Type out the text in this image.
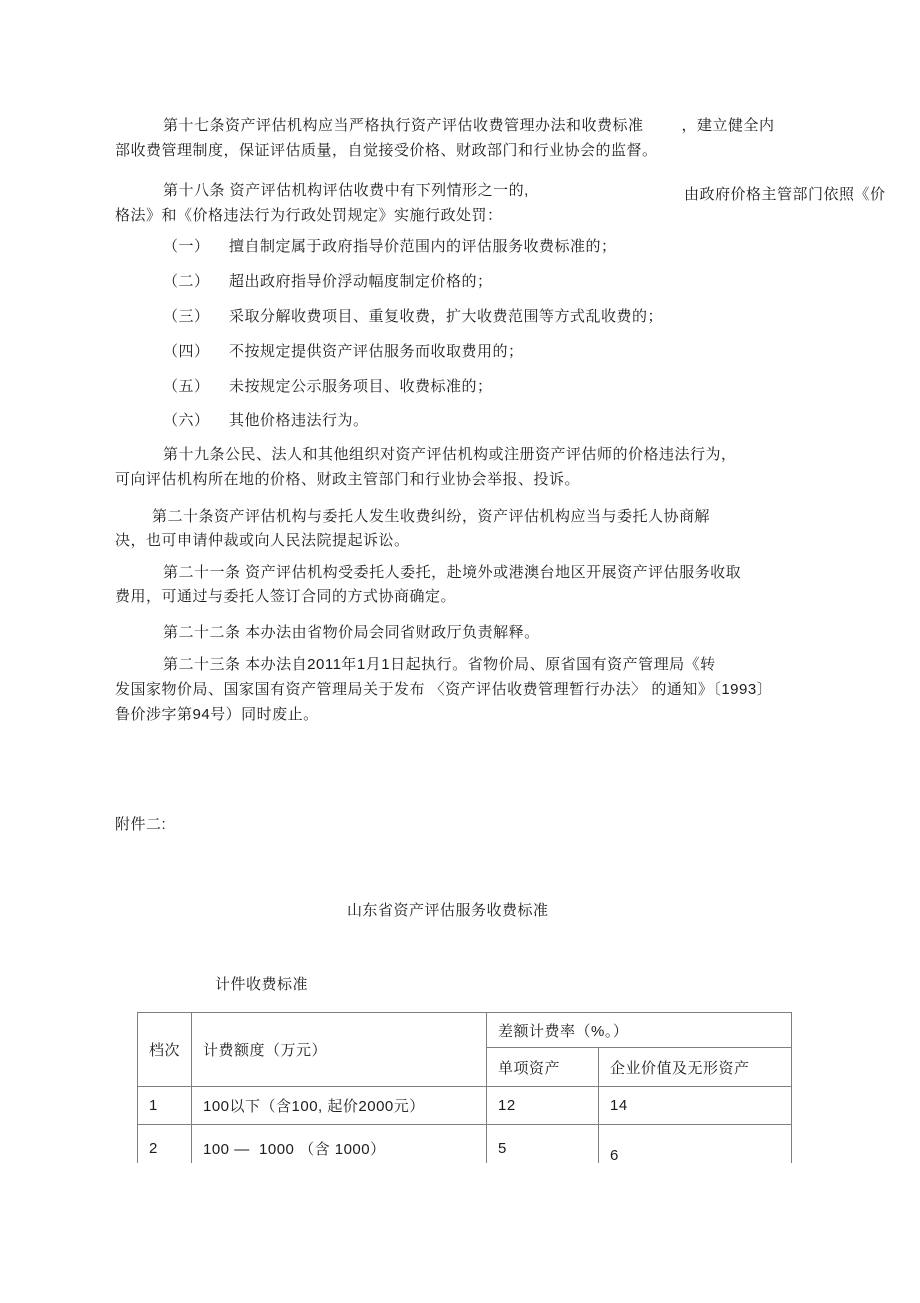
第十七条资产评估机构应当严格执行资产评估收费管理办法和收费标准	，建立健全内
部收费管理制度，保证评估质量，自觉接受价格、财政部门和行业协会的监督。
第十八条 资产评估机构评估收费中有下列情形之一的,	由政府价格主管部门依照《价
格法》和《价格违法行为行政处罚规定》实施行政处罚：
（一） 擅自制定属于政府指导价范围内的评估服务收费标准的；
（二） 超出政府指导价浮动幅度制定价格的；
（三） 采取分解收费项目、重复收费，扩大收费范围等方式乱收费的；
（四） 不按规定提供资产评估服务而收取费用的；
（五） 未按规定公示服务项目、收费标准的；
（六） 其他价格违法行为。
第十九条公民、法人和其他组织对资产评估机构或注册资产评估师的价格违法行为，
可向评估机构所在地的价格、财政主管部门和行业协会举报、投诉。
第二十条资产评估机构与委托人发生收费纠纷，资产评估机构应当与委托人协商解
决，也可申请仲裁或向人民法院提起诉讼。
第二十一条 资产评估机构受委托人委托，赴境外或港澳台地区开展资产评估服务收取
费用，可通过与委托人签订合同的方式协商确定。
第二十二条 本办法由省物价局会同省财政厅负责解释。
第二十三条 本办法自2011年1月1日起执行。省物价局、原省国有资产管理局《转
发国家物价局、国家国有资产管理局关于发布 〈资产评估收费管理暂行办法〉 的通知》〔1993〕
鲁价涉字第94号）同时废止。
附件二:
山东省资产评估服务收费标准
计件收费标准
档次	计费额度（万元）	差额计费率（%。）	
		单项资产	企业价值及无形资产
1	100以下（含100, 起价2000元）	12	14
2	100 —  1000 （含 1000）	5	6
